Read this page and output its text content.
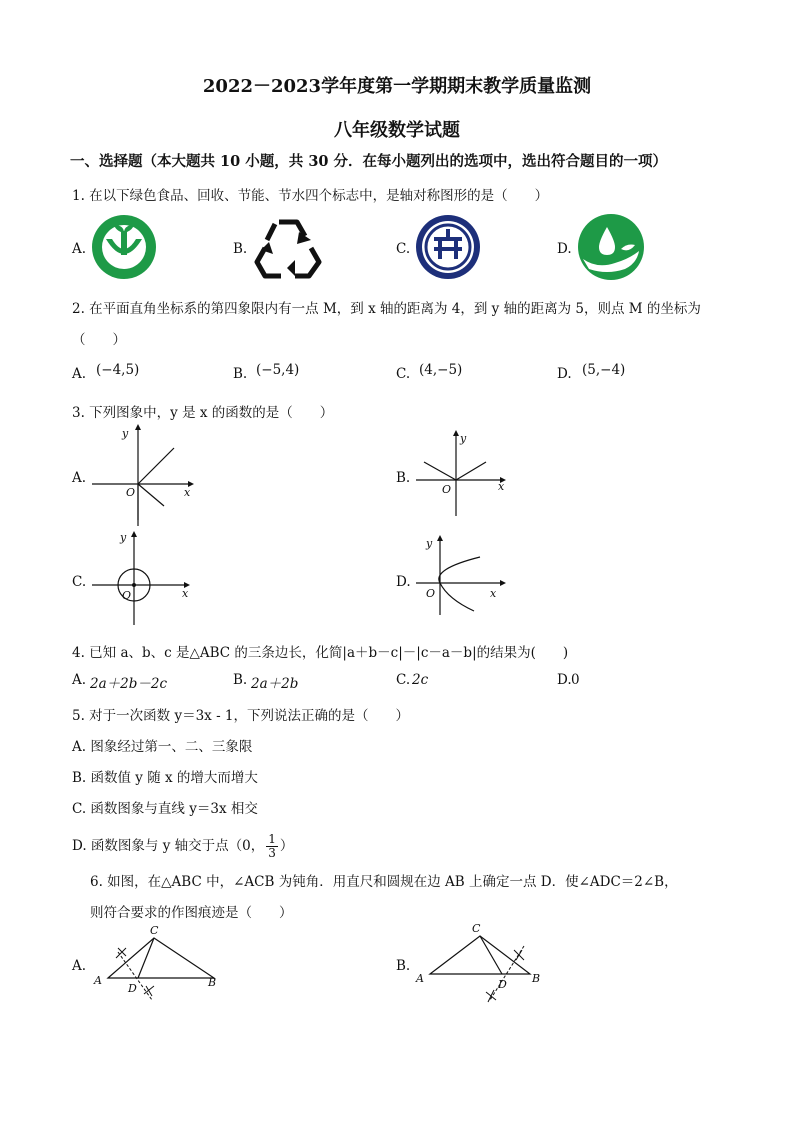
2022－2023学年度第一学期期末教学质量监测
八年级数学试题
一、选择题（本大题共 10 小题，共 30 分．在每小题列出的选项中，选出符合题目的一项）
1. 在以下绿色食品、回收、节能、节水四个标志中，是轴对称图形的是（　　）
A.	B.	C.	D.
2. 在平面直角坐标系的第四象限内有一点 M，到 x 轴的距离为 4，到 y 轴的距离为 5，则点 M 的坐标为
（　　）
A. (−4,5)	B. (−5,4)	C. (4,−5)	D. (5,−4)
3. 下列图象中，y 是 x 的函数的是（　　）
A.
y
x
O
B.
y
x
O
C.
y
x
O
D.
y
x
O
4. 已知 a、b、c 是△ABC 的三条边长，化简|a＋b－c|－|c－a－b|的结果为(　　)
A. 2a＋2b－2c	B. 2a＋2b	C. 2c	D. 0
5. 对于一次函数 y＝3x - 1，下列说法正确的是（　　）
A. 图象经过第一、二、三象限
B. 函数值 y 随 x 的增大而增大
C. 函数图象与直线 y＝3x 相交
D. 函数图象与 y 轴交于点（0， $\frac{1}{3}$ ）
6. 如图，在△ABC 中，∠ACB 为钝角．用直尺和圆规在边 AB 上确定一点 D．使∠ADC＝2∠B，
则符合要求的作图痕迹是（　　）
A.
A
C
B
D
B.
A
C
B
D
